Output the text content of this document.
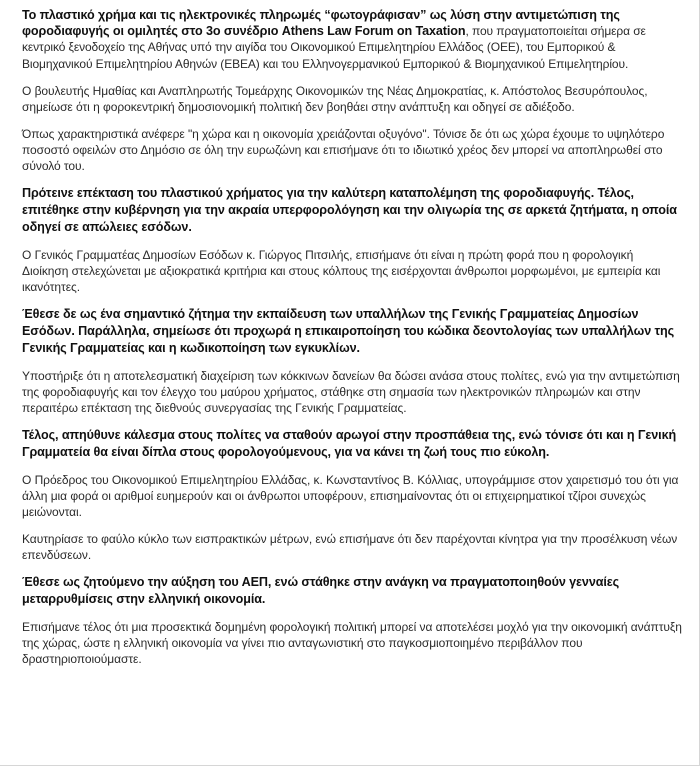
Το πλαστικό χρήμα και τις ηλεκτρονικές πληρωμές “φωτογράφισαν” ως λύση στην αντιμετώπιση της φοροδιαφυγής οι ομιλητές στο 3ο συνέδριο Athens Law Forum on Taxation, που πραγματοποιείται σήμερα σε κεντρικό ξενοδοχείο της Αθήνας υπό την αιγίδα του Οικονομικού Επιμελητηρίου Ελλάδος (ΟΕΕ), του Εμπορικού & Βιομηχανικού Επιμελητηρίου Αθηνών (ΕΒΕΑ) και του Ελληνογερμανικού Εμπορικού & Βιομηχανικού Επιμελητηρίου.

Ο βουλευτής Ημαθίας και Αναπληρωτής Τομεάρχης Οικονομικών της Νέας Δημοκρατίας, κ. Απόστολος Βεσυρόπουλος, σημείωσε ότι η φοροκεντρική δημοσιονομική πολιτική δεν βοηθάει στην ανάπτυξη και οδηγεί σε αδιέξοδο.

Όπως χαρακτηριστικά ανέφερε "η χώρα και η οικονομία χρειάζονται οξυγόνο". Τόνισε δε ότι ως χώρα έχουμε το υψηλότερο ποσοστό οφειλών στο Δημόσιο σε όλη την ευρωζώνη και επισήμανε ότι το ιδιωτικό χρέος δεν μπορεί να αποπληρωθεί στο σύνολό του.

Πρότεινε επέκταση του πλαστικού χρήματος για την καλύτερη καταπολέμηση της φοροδιαφυγής. Τέλος, επιτέθηκε στην κυβέρνηση για την ακραία υπερφορολόγηση και την ολιγωρία της σε αρκετά ζητήματα, η οποία οδηγεί σε απώλειες εσόδων.

Ο Γενικός Γραμματέας Δημοσίων Εσόδων κ. Γιώργος Πιτσιλής, επισήμανε ότι είναι η πρώτη φορά που η φορολογική Διοίκηση στελεχώνεται με αξιοκρατικά κριτήρια και στους κόλπους της εισέρχονται άνθρωποι μορφωμένοι, με εμπειρία και ικανότητες.

Έθεσε δε ως ένα σημαντικό ζήτημα την εκπαίδευση των υπαλλήλων της Γενικής Γραμματείας Δημοσίων Εσόδων. Παράλληλα, σημείωσε ότι προχωρά η επικαιροποίηση του κώδικα δεοντολογίας των υπαλλήλων της Γενικής Γραμματείας και η κωδικοποίηση των εγκυκλίων.

Υποστήριξε ότι η αποτελεσματική διαχείριση των κόκκινων δανείων θα δώσει ανάσα στους πολίτες, ενώ για την αντιμετώπιση της φοροδιαφυγής και τον έλεγχο του μαύρου χρήματος, στάθηκε στη σημασία των ηλεκτρονικών πληρωμών και στην περαιτέρω επέκταση της διεθνούς συνεργασίας της Γενικής Γραμματείας.

Τέλος, απηύθυνε κάλεσμα στους πολίτες να σταθούν αρωγοί στην προσπάθεια της, ενώ τόνισε ότι και η Γενική Γραμματεία θα είναι δίπλα στους φορολογούμενους, για να κάνει τη ζωή τους πιο εύκολη.

Ο Πρόεδρος του Οικονομικού Επιμελητηρίου Ελλάδας, κ. Κωνσταντίνος Β. Κόλλιας, υπογράμμισε στον χαιρετισμό του ότι για άλλη μια φορά οι αριθμοί ευημερούν και οι άνθρωποι υποφέρουν, επισημαίνοντας ότι οι επιχειρηματικοί τζίροι συνεχώς μειώνονται.

Καυτηρίασε το φαύλο κύκλο των εισπρακτικών μέτρων, ενώ επισήμανε ότι δεν παρέχονται κίνητρα για την προσέλκυση νέων επενδύσεων.

Έθεσε ως ζητούμενο την αύξηση του ΑΕΠ, ενώ στάθηκε στην ανάγκη να πραγματοποιηθούν γενναίες μεταρρυθμίσεις στην ελληνική οικονομία.

Επισήμανε τέλος ότι μια προσεκτικά δομημένη φορολογική πολιτική μπορεί να αποτελέσει μοχλό για την οικονομική ανάπτυξη της χώρας, ώστε η ελληνική οικονομία να γίνει πιο ανταγωνιστική στο παγκοσμιοποιημένο περιβάλλον που δραστηριοποιούμαστε.
